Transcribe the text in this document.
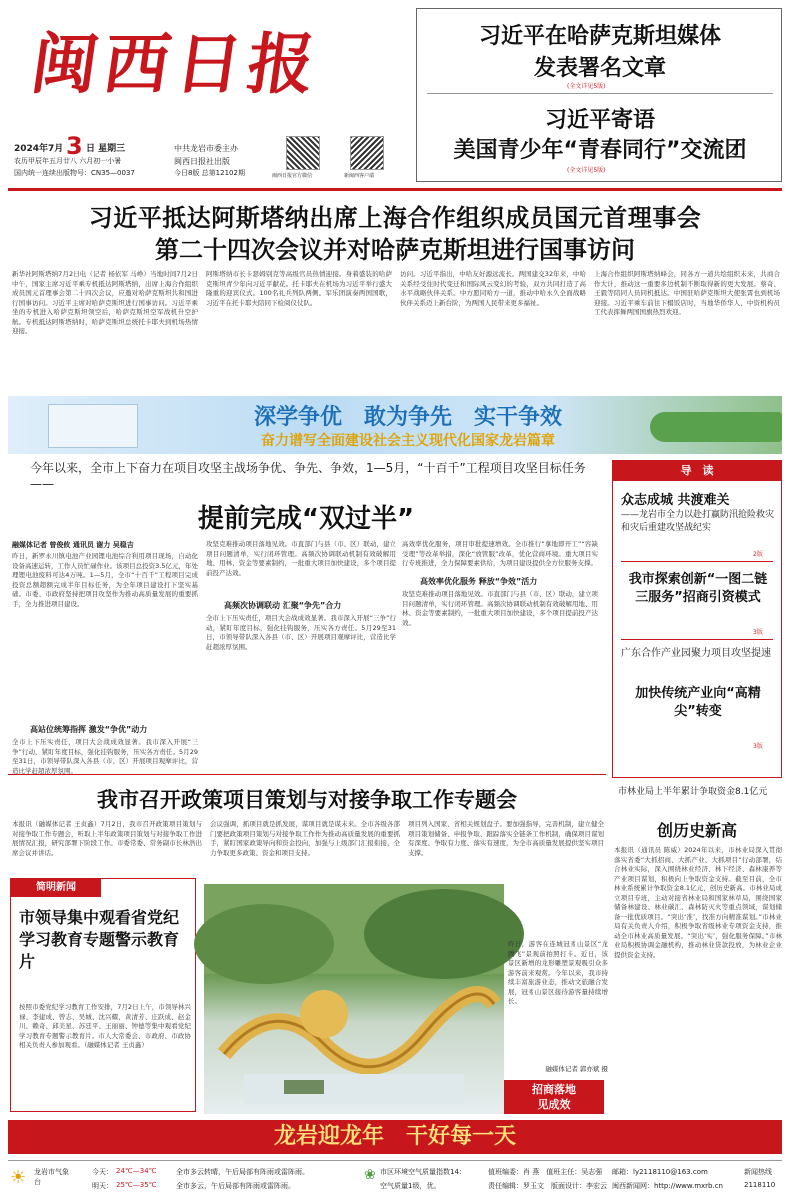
闽西日报
2024年7月 3 日 星期三
农历甲辰年五月廿八 六月初一小暑
国内统一连续出版物号：CN35—0037
中共龙岩市委主办
闽西日报社出版
今日8版 总第12102期	闽西日报官方微信	新闽西客户端
习近平在哈萨克斯坦媒体
发表署名文章
(全文详见5版)
习近平寄语
美国青少年“青春同行”交流团
(全文详见5版)
习近平抵达阿斯塔纳出席上海合作组织成员国元首理事会
第二十四次会议并对哈萨克斯坦进行国事访问
新华社阿斯塔纳7月2日电（记者 杨依军 马峥）当地时间7月2日中午，国家主席习近平乘专机抵达阿斯塔纳，出席上海合作组织成员国元首理事会第二十四次会议，应邀对哈萨克斯坦共和国进行国事访问。习近平主席对哈萨克斯坦进行国事访问。习近平乘坐的专机进入哈萨克斯坦领空后，哈萨克斯坦空军战机升空护航。专机抵达阿斯塔纳时，哈萨克斯坦总统托卡耶夫到机场热情迎接。
阿斯塔纳市长卡瑟姆别克等高级官员热情迎接。身着盛装的哈萨克斯坦青少年向习近平献花。托卡耶夫在机场为习近平举行盛大隆重的迎宾仪式。100名礼兵列队两侧。军乐团演奏两国国歌，习近平在托卡耶夫陪同下检阅仪仗队。
访问。习近平指出，中哈友好源远流长。两国建交32年来，中哈关系经受住时代变迁和国际风云变幻的考验，双方共同打造了高水平战略伙伴关系。中方愿同哈方一道，推动中哈永久全面战略伙伴关系迈上新台阶，为两国人民带来更多福祉。
上海合作组织阿斯塔纳峰会，同各方一道共绘组织未来，共商合作大计，推动这一重要多边机制不断取得新的更大发展。蔡奇、王毅等陪同人员同机抵达。中国驻哈萨克斯坦大使张霄也到机场迎接。习近平乘车前往下榻饭店时，当地华侨华人、中资机构员工代表挥舞两国国旗热烈欢迎。
深学争优　敢为争先　实干争效
奋力谱写全面建设社会主义现代化国家龙岩篇章
今年以来，全市上下奋力在项目攻坚主战场争优、争先、争效，1—5月，“十百千”工程项目攻坚目标任务——
提前完成“双过半”
融媒体记者 曾俊攸 通讯员 谢力 吴稳吉
昨日，新罗永川镇电池产业园锂电池综合利用项目现场，自动化设备高速运转，工作人员忙碌作业。该项目总投资3.5亿元，年处理锂电池废料可达4万吨。1—5月，全市“十百千”工程项目完成投资总额超额完成半年目标任务，为全年项目建设打下坚实基础。市委、市政府坚持把项目攻坚作为推动高质量发展的重要抓手，全力推进项目建设。
高站位统筹指挥 激发“争优”动力
全市上下压实责任，项目大会战成效显著。我市深入开展“三争”行动，紧盯年度目标，强化挂钩服务，压实各方责任。5月29至31日，市领导带队深入各县（市、区）开展项目观摩评比，营造比学赶超浓厚氛围。
高频次协调联动 汇聚“争先”合力
攻坚克难推动项目落地见效。市直部门与县（市、区）联动，建立项目问题清单，实行闭环管理。高频次协调联动机制有效破解用地、用林、资金等要素制约，一批重大项目加快建设，多个项目提前投产达效。
全市上下压实责任，项目大会战成效显著。我市深入开展“三争”行动，紧盯年度目标，强化挂钩服务，压实各方责任。5月29至31日，市领导带队深入各县（市、区）开展项目观摩评比，营造比学赶超浓厚氛围。
高效率优化服务 释放“争效”活力
高效率优化服务，项目审批提速增效。全市推行“拿地即开工”“容缺受理”等改革举措，深化“放管服”改革，优化营商环境。重大项目实行专班推进，全力保障要素供给，为项目建设提供全方位服务支撑。
攻坚克难推动项目落地见效。市直部门与县（市、区）联动，建立项目问题清单，实行闭环管理。高频次协调联动机制有效破解用地、用林、资金等要素制约，一批重大项目加快建设，多个项目提前投产达效。
导　读
众志成城 共渡难关
——龙岩市全力以赴打赢防汛抢险救灾和灾后重建攻坚战纪实
2版
我市探索创新“一图二链三服务”招商引资模式
3版
广东合作产业园聚力项目攻坚提速
加快传统产业向“高精尖”转变
3版
市林业局上半年累计争取资金8.1亿元
创历史新高
本报讯（通讯员 陈威）2024年以来，市林业局深入贯彻落实省委“大抓招商、大抓产业、大抓项目”行动部署，结合林业实际，深入围绕林业经济、林下经济、森林康养等产业项目谋划，积极向上争取资金支持。截至目前，全市林业系统累计争取资金8.1亿元，创历史新高。市林业局成立项目专班，主动对接省林业局和国家林草局，围绕国家储备林建设、林业碳汇、森林防灭火等重点领域，谋划储备一批优质项目。“突出‘准’，找准方向精准谋划。”市林业局有关负责人介绍，积极争取省级林业专项资金支持，推动全市林业高质量发展。“突出‘实’，强化服务保障。”市林业局积极协调金融机构，推动林业贷款投放，为林业企业提供资金支持。
我市召开政策项目策划与对接争取工作专题会
本报讯（融媒体记者 王贞鑫）7月2日，我市召开政策项目策划与对接争取工作专题会，听取上半年政策项目策划与对接争取工作进展情况汇报，研究部署下阶段工作。市委常委、常务副市长林浩出席会议并讲话。
会议强调，抓项目就是抓发展，谋项目就是谋未来。全市各级各部门要把政策项目策划与对接争取工作作为推动高质量发展的重要抓手，紧盯国家政策导向和资金投向，加强与上级部门汇报衔接，全力争取更多政策、资金和项目支持。
项目列入国家、省相关规划盘子。要加强指导，完善机制，建立健全项目策划储备、申报争取、跟踪落实全链条工作机制，确保项目谋划有深度、争取有力度、落实有速度，为全市高质量发展提供坚实项目支撑。
简明新闻
市领导集中观看省党纪学习教育专题警示教育片
按照市委党纪学习教育工作安排，7月2日上午，市领导林兴禄、李建成、曾志、吴城、沈兴耀、黄清芳、庄跃成、赵金川、赖奇、邱美星、苏廷平、王丽丽、钟德等集中观看党纪学习教育专题警示教育片。市人大常委会、市政府、市政协相关负责人参加观看。（融媒体记者 王贞鑫）
昨日，游客在连城冠豸山景区“龙腾飞”景观前拍照打卡。近日，该景区新增的龙形雕塑景观吸引众多游客前来观赏。今年以来，我市持续丰富旅游业态，推动文旅融合发展，冠豸山景区接待游客量持续增长。
融媒体记者 郭亦斌 摄
招商落地
见成效
龙岩迎龙年　干好每一天
☀ 龙岩市气象台
今天： 24℃—34℃	全市多云转晴，午后局部有阵雨或雷阵雨。
明天： 25℃—35℃	全市多云，午后局部有阵雨或雷阵雨。
❀ 市区环境空气质量指数14：
空气质量1级，优。
值班编委：肖 燕　值班主任：吴志强
责任编辑：罗玉文　版面设计：李宏云
邮箱：ly2118110@163.com
闽西新闻网：http://www.mxrb.cn
新闻热线
2118110
